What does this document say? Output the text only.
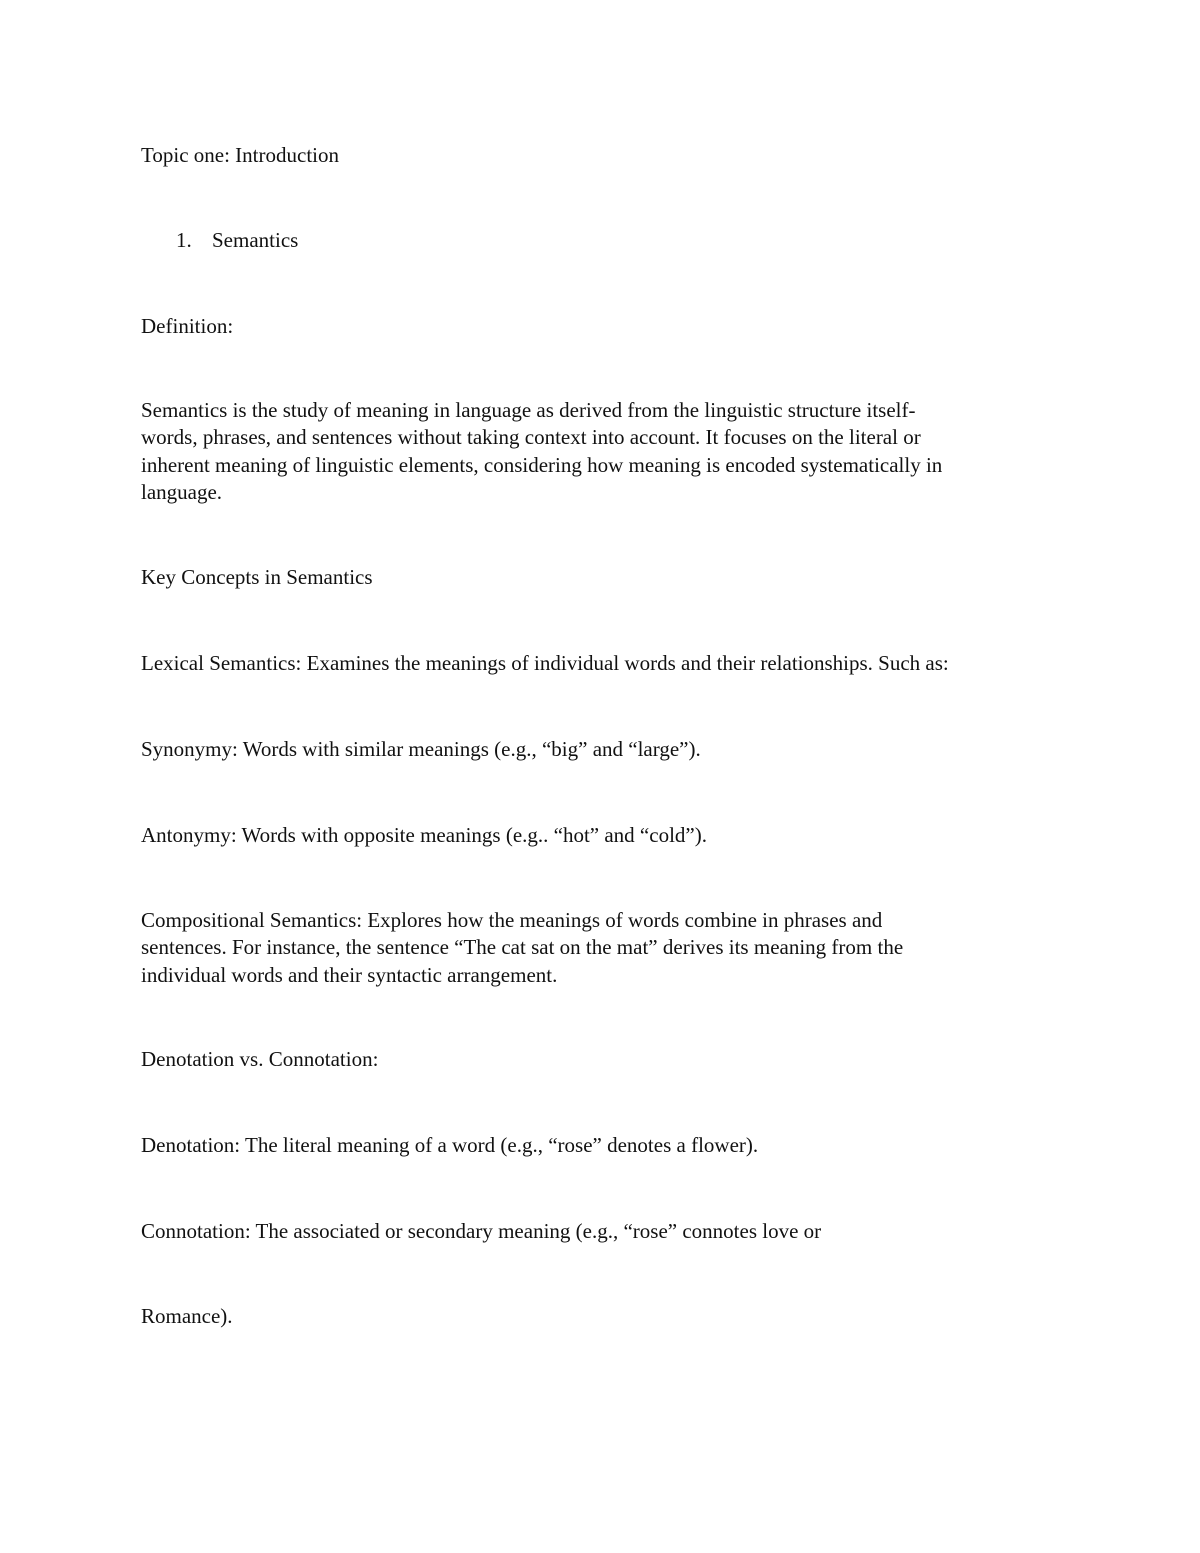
Topic one: Introduction

1. Semantics

Definition:

Semantics is the study of meaning in language as derived from the linguistic structure itself-
words, phrases, and sentences without taking context into account. It focuses on the literal or
inherent meaning of linguistic elements, considering how meaning is encoded systematically in
language.

Key Concepts in Semantics

Lexical Semantics: Examines the meanings of individual words and their relationships. Such as:

Synonymy: Words with similar meanings (e.g., “big” and “large”).

Antonymy: Words with opposite meanings (e.g.. “hot” and “cold”).

Compositional Semantics: Explores how the meanings of words combine in phrases and
sentences. For instance, the sentence “The cat sat on the mat” derives its meaning from the
individual words and their syntactic arrangement.

Denotation vs. Connotation:

Denotation: The literal meaning of a word (e.g., “rose” denotes a flower).

Connotation: The associated or secondary meaning (e.g., “rose” connotes love or

Romance).
